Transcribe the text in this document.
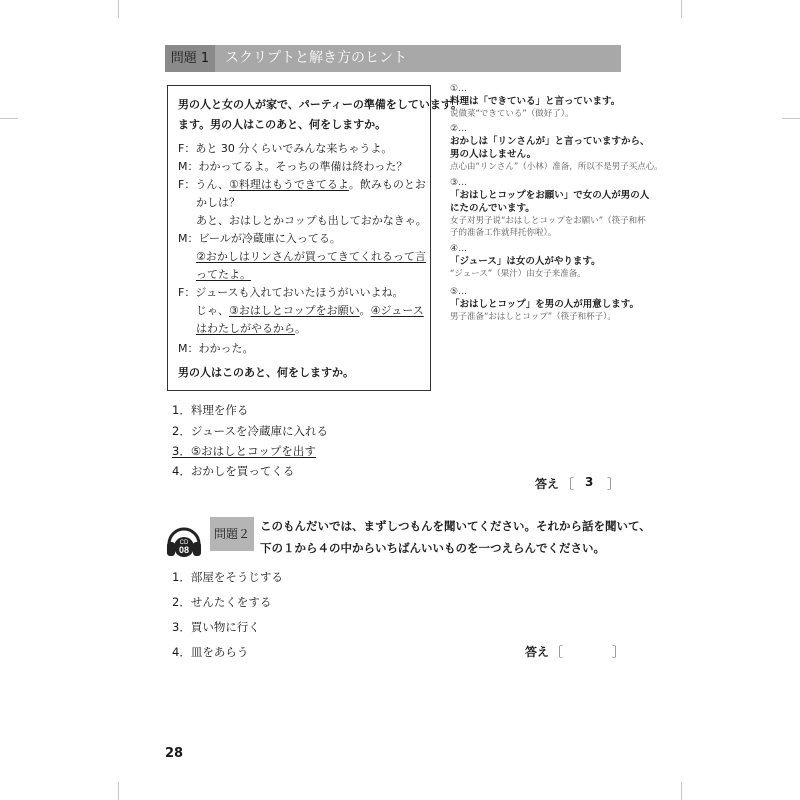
問題 1	スクリプトと解き方のヒント
男の人と女の人が家で、パーティーの準備をしています。
ます。男の人はこのあと、何をしますか。
F：あと 30 分くらいでみんな来ちゃうよ。
M：わかってるよ。そっちの準備は終わった？
F：うん、①料理はもうできてるよ。飲みものとお
かしは？
あと、おはしとかコップも出しておかなきゃ。
M：ビールが冷蔵庫に入ってる。
②おかしはリンさんが買ってきてくれるって言
ってたよ。
F：ジュースも入れておいたほうがいいよね。
じゃ、③おはしとコップをお願い。④ジュース
はわたしがやるから。
M：わかった。
男の人はこのあと、何をしますか。
①…
料理は「できている」と言っています。
说做菜“できている”（做好了）。
②…
おかしは「リンさんが」と言っていますから、
男の人はしません。
点心由“リンさん”（小林）准备，所以不是男子买点心。
③…
「おはしとコップをお願い」で女の人が男の人
にたのんでいます。
女子对男子说“おはしとコップをお願い”（筷子和杯
子的准备工作就拜托你啦）。
④…
「ジュース」は女の人がやります。
“ジュース”（果汁）由女子来准备。
⑤…
「おはしとコップ」を男の人が用意します。
男子准备“おはしとコップ”（筷子和杯子）。
1．料理を作る
2．ジュースを冷蔵庫に入れる
3．⑤おはしとコップを出す
4．おかしを買ってくる
答え ［ 3 ］
CD
08
問題２
このもんだいでは、まずしつもんを聞いてください。それから話を聞いて、
下の１から４の中からいちばんいいものを一つえらんでください。
1．部屋をそうじする
2．せんたくをする
3．買い物に行く
4．皿をあらう	答え ［	］
28
